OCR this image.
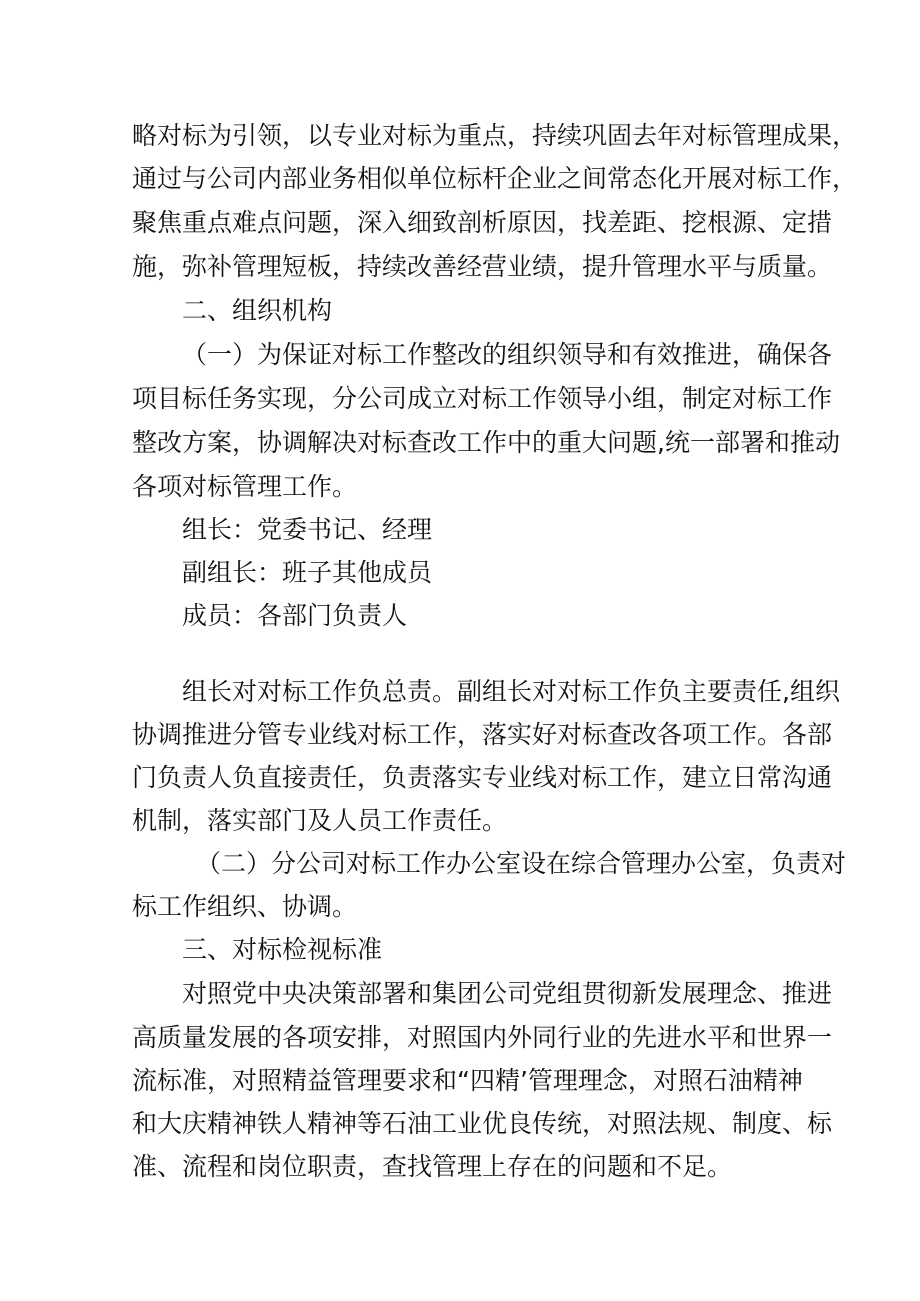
略对标为引领，以专业对标为重点，持续巩固去年对标管理成果，
通过与公司内部业务相似单位标杆企业之间常态化开展对标工作，
聚焦重点难点问题，深入细致剖析原因，找差距、挖根源、定措
施，弥补管理短板，持续改善经营业绩，提升管理水平与质量。
二、组织机构
（一）为保证对标工作整改的组织领导和有效推进，确保各
项目标任务实现，分公司成立对标工作领导小组，制定对标工作
整改方案，协调解决对标查改工作中的重大问题,统一部署和推动
各项对标管理工作。
组长：党委书记、经理
副组长：班子其他成员
成员：各部门负责人
组长对对标工作负总责。副组长对对标工作负主要责任,组织
协调推进分管专业线对标工作，落实好对标查改各项工作。各部
门负责人负直接责任，负责落实专业线对标工作，建立日常沟通
机制，落实部门及人员工作责任。
（二）分公司对标工作办公室设在综合管理办公室，负责对
标工作组织、协调。
三、对标检视标准
对照党中央决策部署和集团公司党组贯彻新发展理念、推进
高质量发展的各项安排，对照国内外同行业的先进水平和世界一
流标准，对照精益管理要求和“四精’管理理念，对照石油精神
和大庆精神铁人精神等石油工业优良传统，对照法规、制度、标
准、流程和岗位职责，查找管理上存在的问题和不足。
